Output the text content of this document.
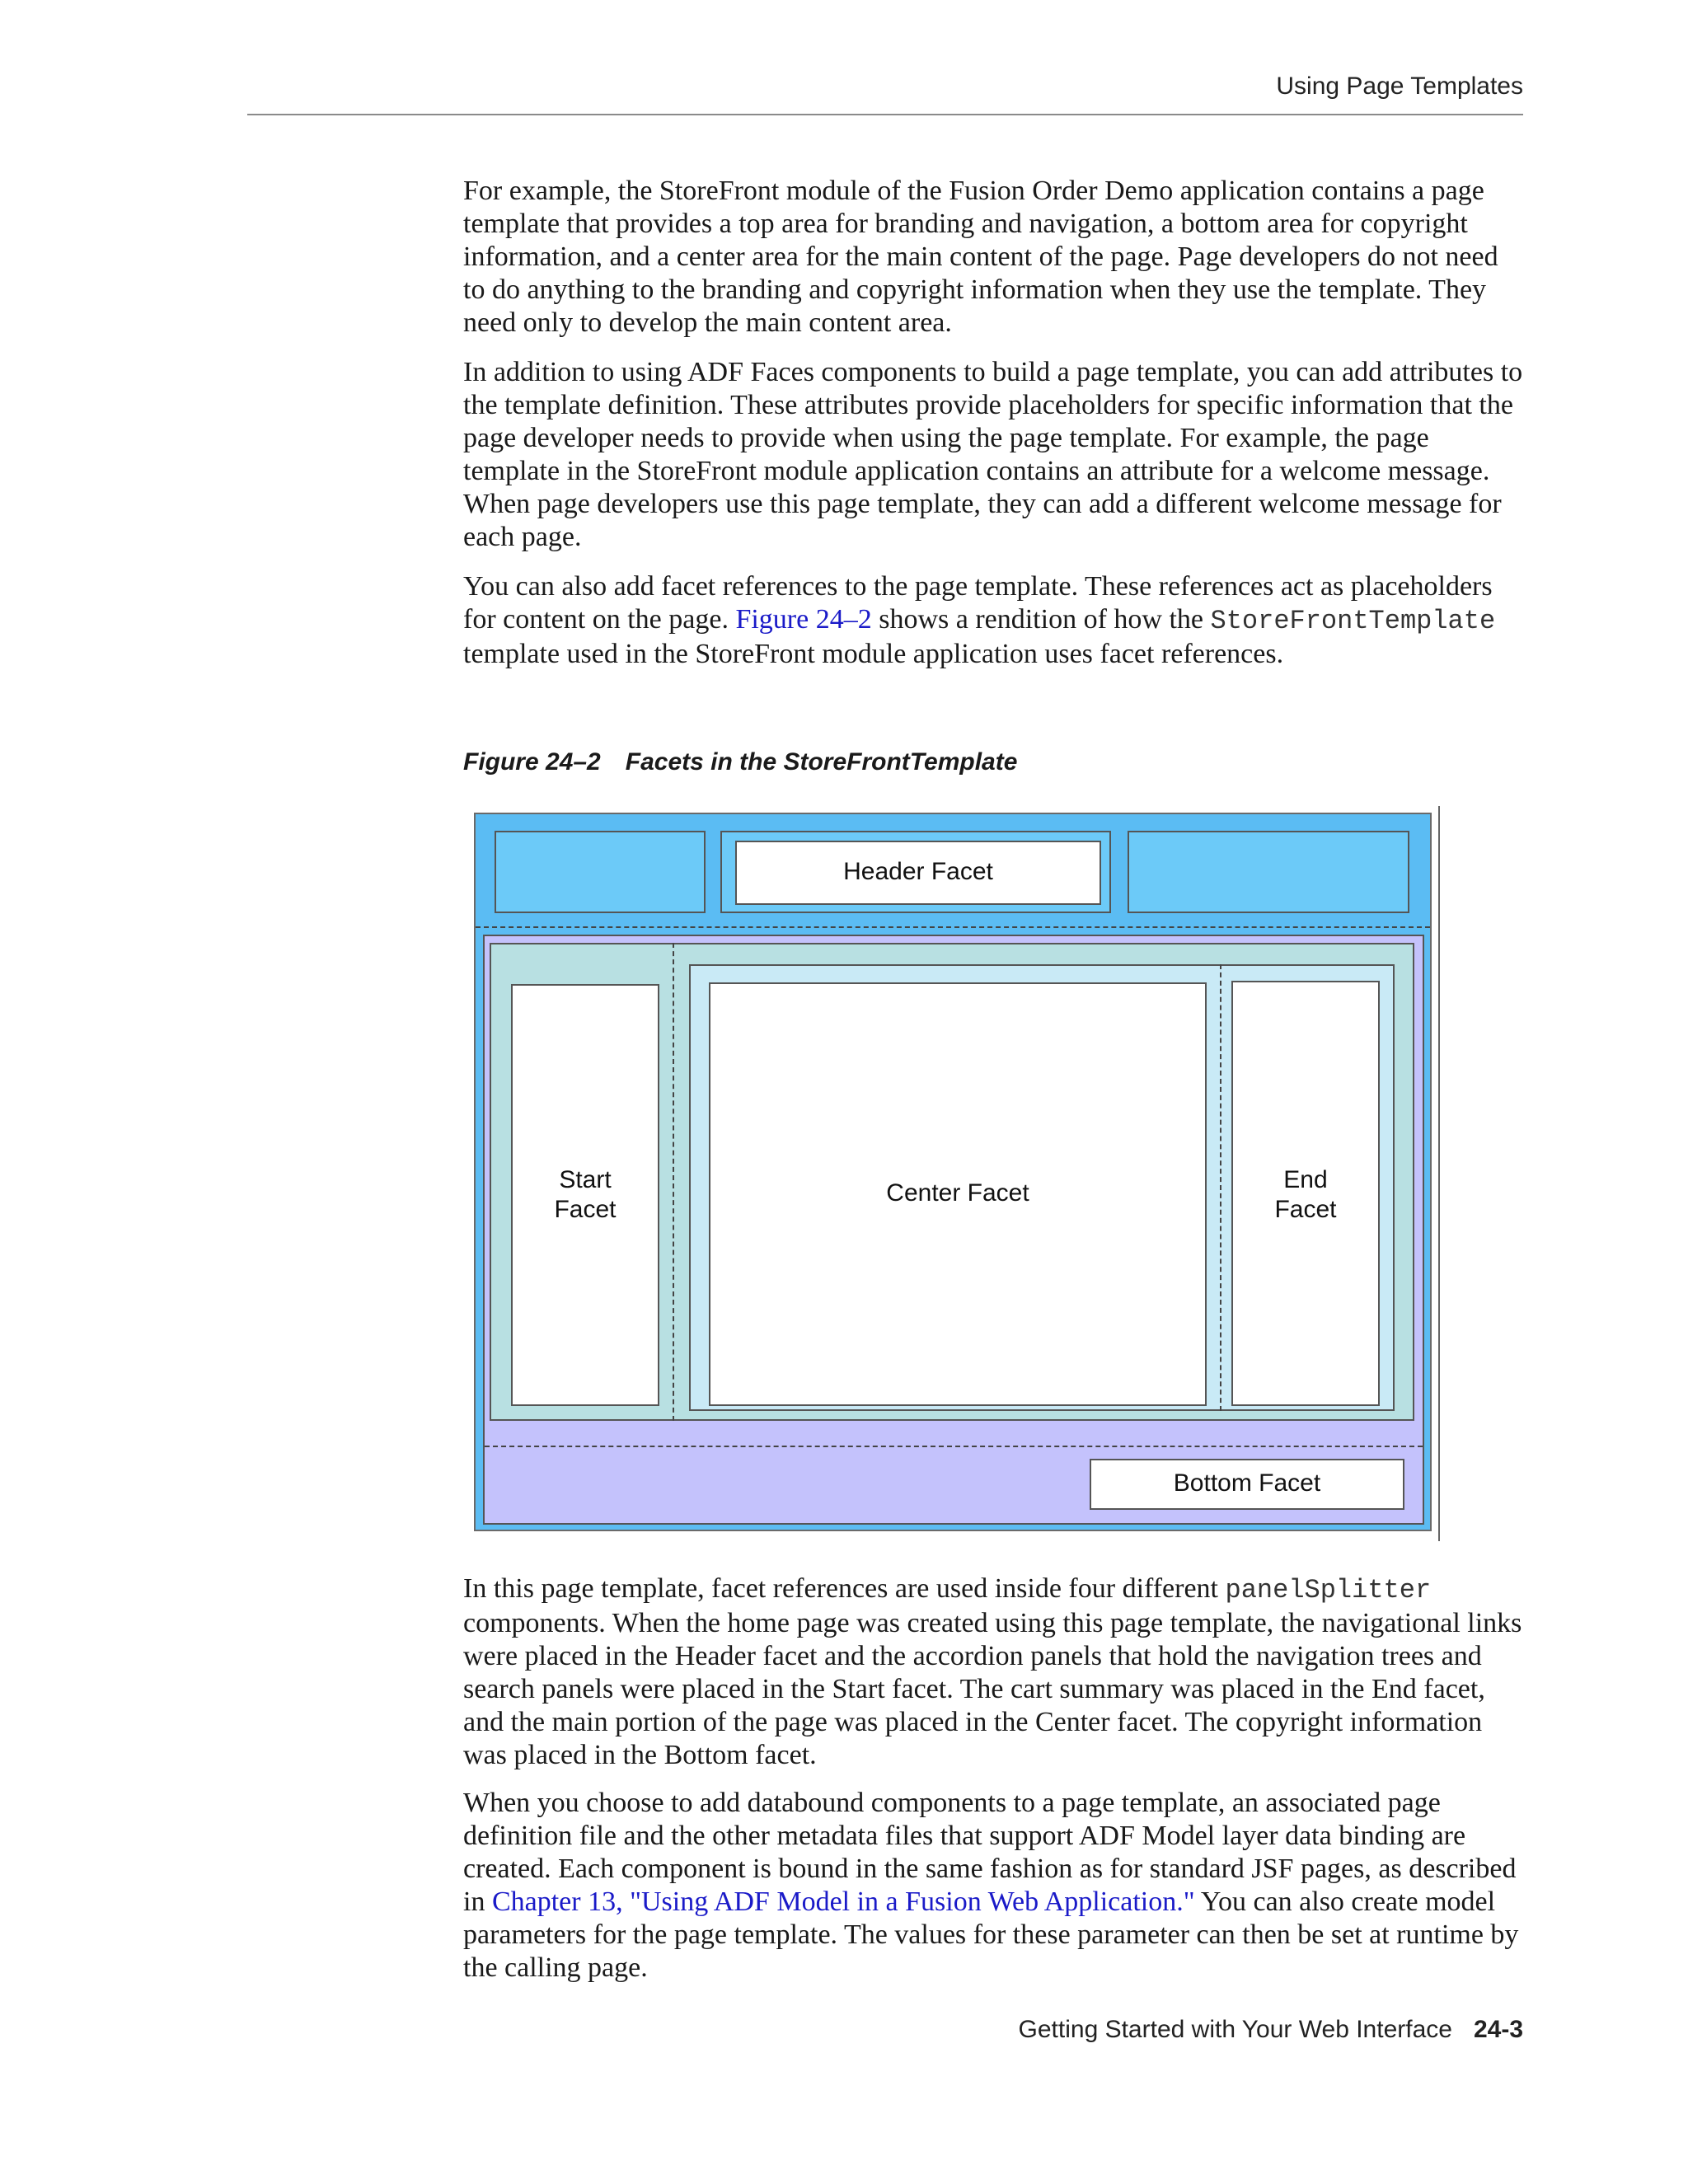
Using Page Templates

For example, the StoreFront module of the Fusion Order Demo application contains a page template that provides a top area for branding and navigation, a bottom area for copyright information, and a center area for the main content of the page. Page developers do not need to do anything to the branding and copyright information when they use the template. They need only to develop the main content area.

In addition to using ADF Faces components to build a page template, you can add attributes to the template definition. These attributes provide placeholders for specific information that the page developer needs to provide when using the page template. For example, the page template in the StoreFront module application contains an attribute for a welcome message. When page developers use this page template, they can add a different welcome message for each page.

You can also add facet references to the page template. These references act as placeholders for content on the page. Figure 24–2 shows a rendition of how the StoreFrontTemplate template used in the StoreFront module application uses facet references.

Figure 24–2 Facets in the StoreFrontTemplate
Header Facet
Start
Facet
Center Facet	End
Facet
Bottom Facet

In this page template, facet references are used inside four different panelSplitter components. When the home page was created using this page template, the navigational links were placed in the Header facet and the accordion panels that hold the navigation trees and search panels were placed in the Start facet. The cart summary was placed in the End facet, and the main portion of the page was placed in the Center facet. The copyright information was placed in the Bottom facet.

When you choose to add databound components to a page template, an associated page definition file and the other metadata files that support ADF Model layer data binding are created. Each component is bound in the same fashion as for standard JSF pages, as described in Chapter 13, "Using ADF Model in a Fusion Web Application." You can also create model parameters for the page template. The values for these parameter can then be set at runtime by the calling page.

Getting Started with Your Web Interface 24-3
